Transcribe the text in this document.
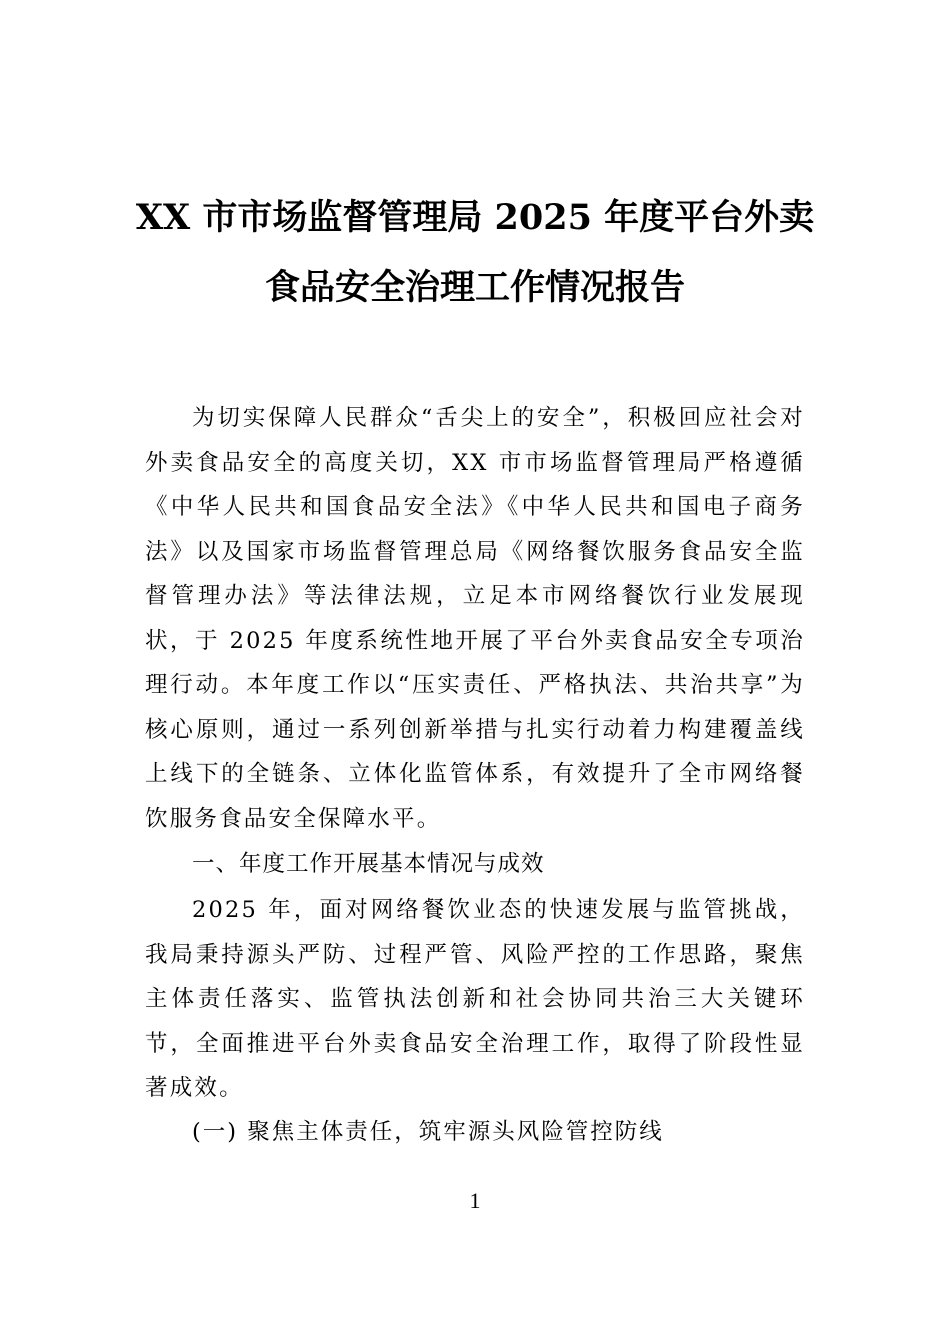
XX 市市场监督管理局 2025 年度平台外卖
食品安全治理工作情况报告
为切实保障人民群众“舌尖上的安全”，积极回应社会对外卖食品安全的高度关切，XX 市市场监督管理局严格遵循《中华人民共和国食品安全法》《中华人民共和国电子商务法》以及国家市场监督管理总局《网络餐饮服务食品安全监督管理办法》等法律法规，立足本市网络餐饮行业发展现状，于 2025 年度系统性地开展了平台外卖食品安全专项治理行动。本年度工作以“压实责任、严格执法、共治共享”为核心原则，通过一系列创新举措与扎实行动着力构建覆盖线上线下的全链条、立体化监管体系，有效提升了全市网络餐饮服务食品安全保障水平。
一、年度工作开展基本情况与成效
2025 年，面对网络餐饮业态的快速发展与监管挑战，我局秉持源头严防、过程严管、风险严控的工作思路，聚焦主体责任落实、监管执法创新和社会协同共治三大关键环节，全面推进平台外卖食品安全治理工作，取得了阶段性显著成效。
(一) 聚焦主体责任，筑牢源头风险管控防线
1
